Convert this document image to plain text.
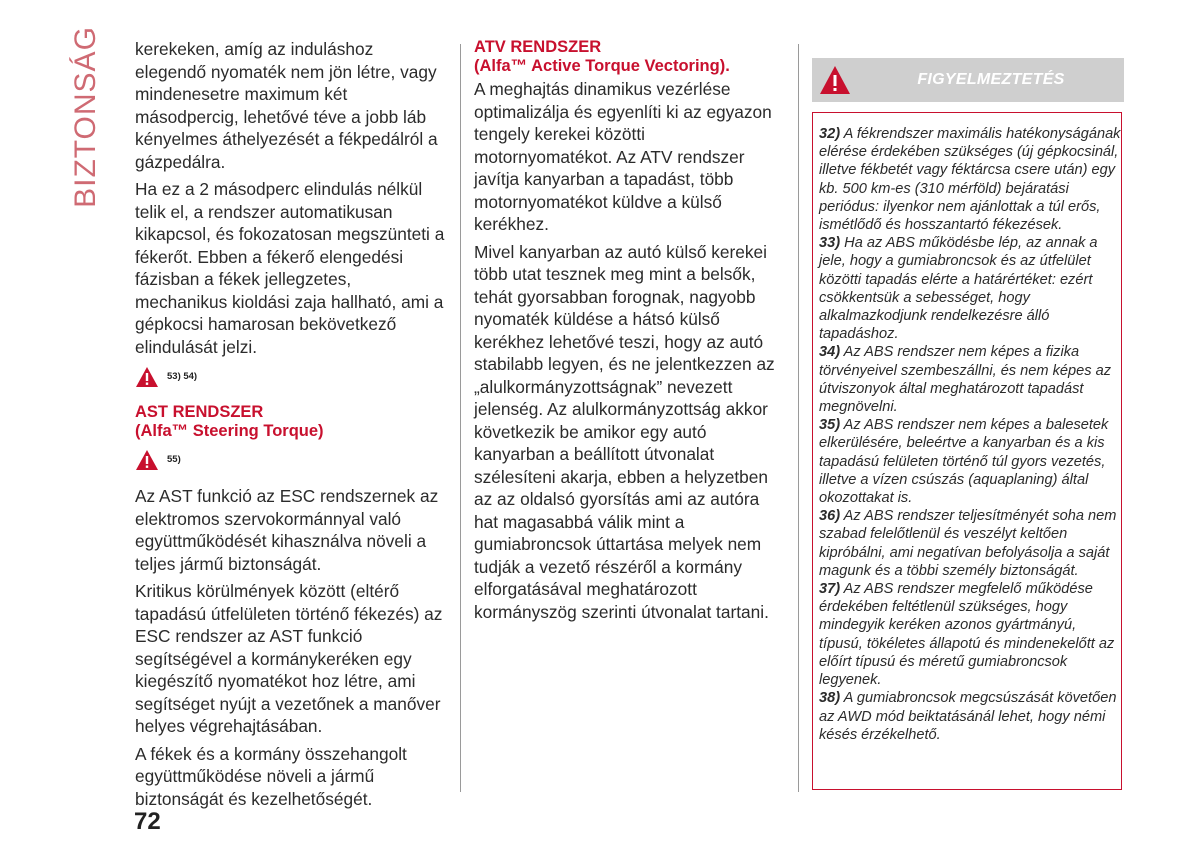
BIZTONSÁG kerekeken, amíg az induláshoz elegendő nyomaték nem jön létre, vagy mindenesetre maximum két másodpercig, lehetővé téve a jobb láb kényelmes áthelyezését a fékpedálról a gázpedálra.

Ha ez a 2 másodperc elindulás nélkül telik el, a rendszer automatikusan kikapcsol, és fokozatosan megszünteti a fékerőt. Ebben a fékerő elengedési fázisban a fékek jellegzetes, mechanikus kioldási zaja hallható, ami a gépkocsi hamarosan bekövetkező elindulását jelzi.

53) 54)
AST RENDSZER
(Alfa™ Steering Torque)
55)

Az AST funkció az ESC rendszernek az elektromos szervokormánnyal való együttműködését kihasználva növeli a teljes jármű biztonságát.

Kritikus körülmények között (eltérő tapadású útfelületen történő fékezés) az ESC rendszer az AST funkció segítségével a kormánykeréken egy kiegészítő nyomatékot hoz létre, ami segítséget nyújt a vezetőnek a manőver helyes végrehajtásában.

A fékek és a kormány összehangolt együttműködése növeli a jármű biztonságát és kezelhetőségét.

ATV RENDSZER
(Alfa™ Active Torque Vectoring).

A meghajtás dinamikus vezérlése optimalizálja és egyenlíti ki az egyazon tengely kerekei közötti motornyomatékot. Az ATV rendszer javítja kanyarban a tapadást, több motornyomatékot küldve a külső kerékhez.

Mivel kanyarban az autó külső kerekei több utat tesznek meg mint a belsők, tehát gyorsabban forognak, nagyobb nyomaték küldése a hátsó külső kerékhez lehetővé teszi, hogy az autó stabilabb legyen, és ne jelentkezzen az „alulkormányzottságnak” nevezett jelenség. Az alulkormányzottság akkor következik be amikor egy autó kanyarban a beállított útvonalat szélesíteni akarja, ebben a helyzetben az az oldalsó gyorsítás ami az autóra hat magasabbá válik mint a gumiabroncsok úttartása melyek nem tudják a vezető részéről a kormány elforgatásával meghatározott kormányszög szerinti útvonalat tartani.

FIGYELMEZTETÉS

32) A fékrendszer maximális hatékonyságának elérése érdekében szükséges (új gépkocsinál, illetve fékbetét vagy féktárcsa csere után) egy kb. 500 km-es (310 mérföld) bejáratási periódus: ilyenkor nem ajánlottak a túl erős, ismétlődő és hosszantartó fékezések.

33) Ha az ABS működésbe lép, az annak a jele, hogy a gumiabroncsok és az útfelület közötti tapadás elérte a határértéket: ezért csökkentsük a sebességet, hogy alkalmazkodjunk rendelkezésre álló tapadáshoz.

34) Az ABS rendszer nem képes a fizika törvényeivel szembeszállni, és nem képes az útviszonyok által meghatározott tapadást megnövelni.

35) Az ABS rendszer nem képes a balesetek elkerülésére, beleértve a kanyarban és a kis tapadású felületen történő túl gyors vezetés, illetve a vízen csúszás (aquaplaning) által okozottakat is.

36) Az ABS rendszer teljesítményét soha nem szabad felelőtlenül és veszélyt keltően kipróbálni, ami negatívan befolyásolja a saját magunk és a többi személy biztonságát.

37) Az ABS rendszer megfelelő működése érdekében feltétlenül szükséges, hogy mindegyik keréken azonos gyártmányú, típusú, tökéletes állapotú és mindenekelőtt az előírt típusú és méretű gumiabroncsok legyenek.

38) A gumiabroncsok megcsúszását követően az AWD mód beiktatásánál lehet, hogy némi késés érzékelhető.

72
